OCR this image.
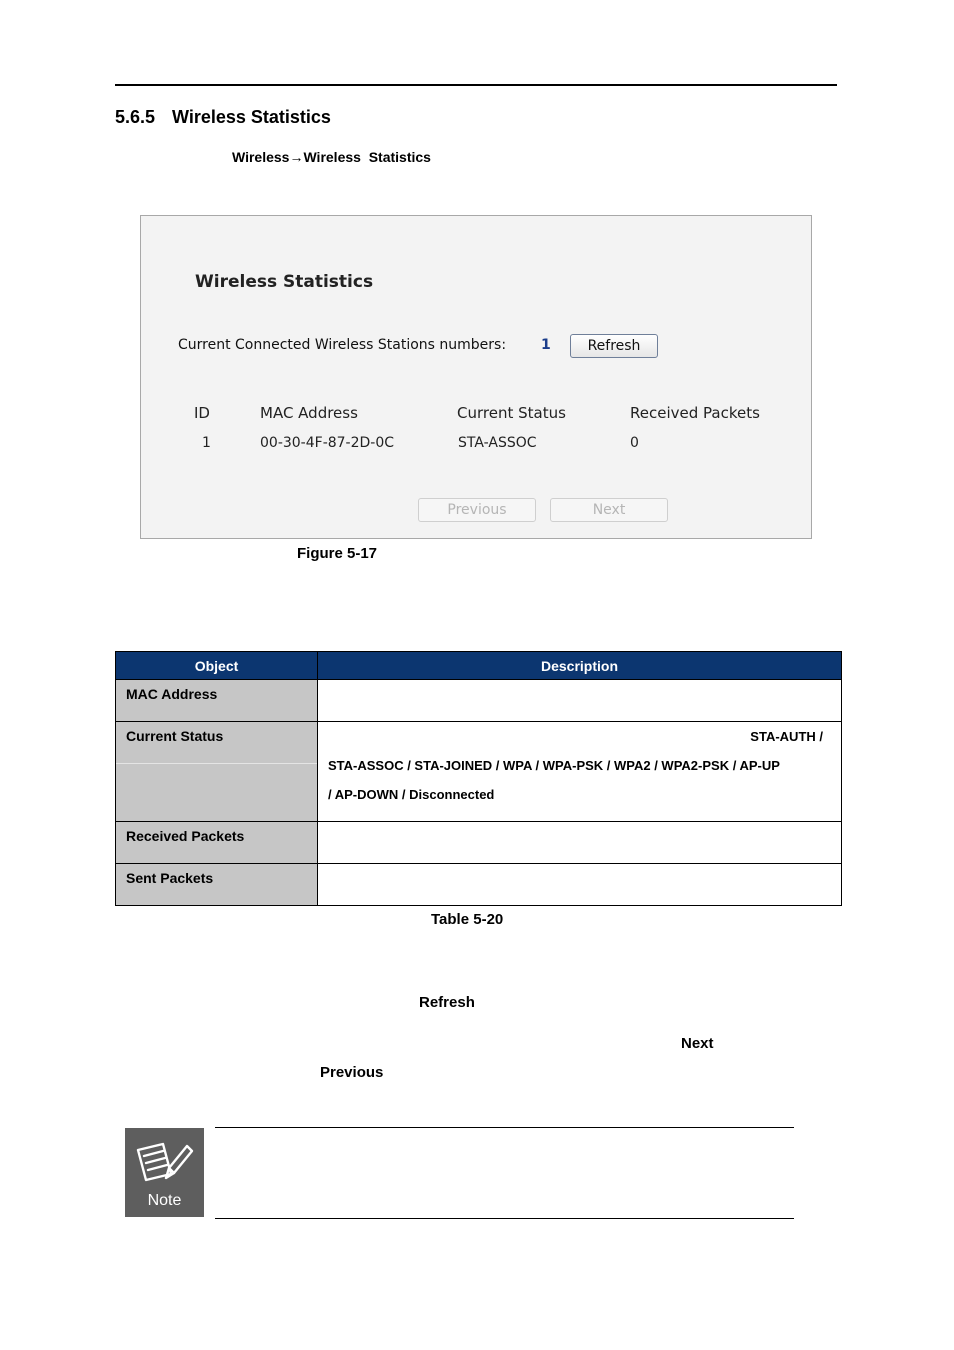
5.6.5 Wireless Statistics
Wireless→Wireless  Statistics
Wireless Statistics
Current Connected Wireless Stations numbers: 1	Refresh
ID	MAC Address	Current Status	Received Packets
1	00-30-4F-87-2D-0C	STA-ASSOC	0
Previous	Next
Figure 5-17
Object	Description
MAC Address	

Current Status	STA-AUTH /
STA-ASSOC / STA-JOINED / WPA / WPA-PSK / WPA2 / WPA2-PSK / AP-UP
/ AP-DOWN / Disconnected

Received Packets	
Sent Packets	
Table 5-20
Refresh
Next
Previous
Note
